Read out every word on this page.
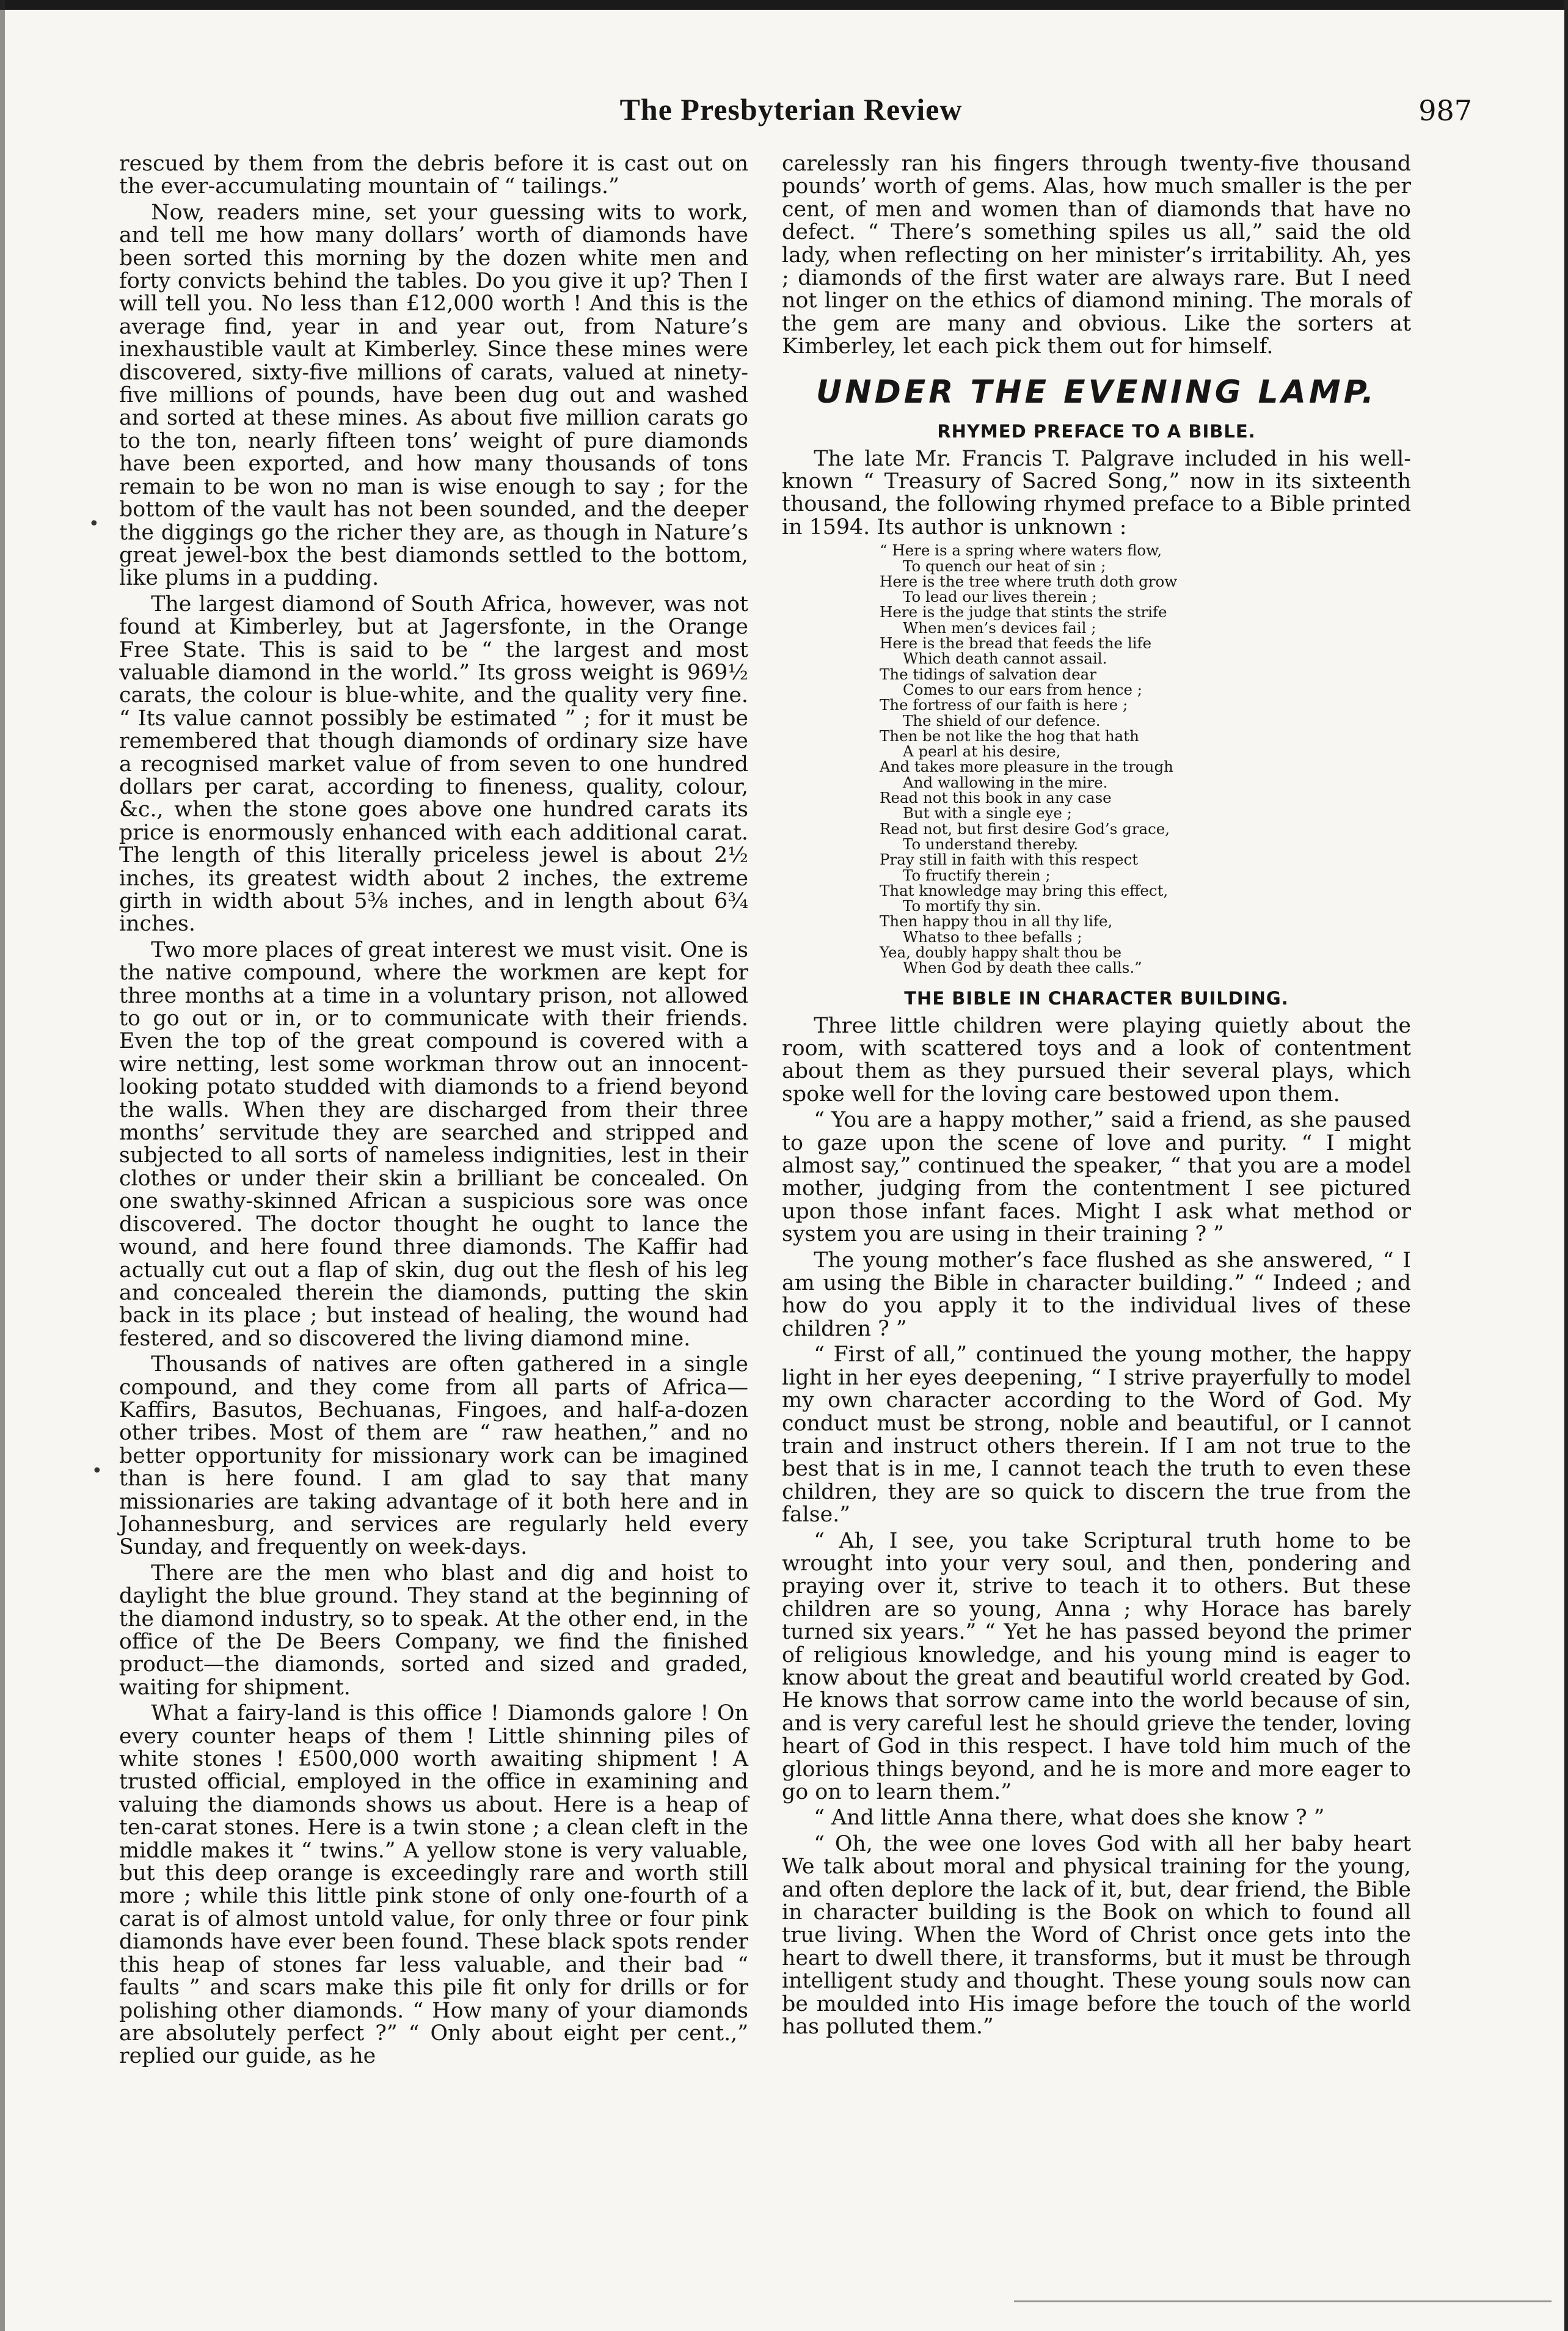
The Presbyterian Review	987
•
•

rescued by them from the debris before it is cast out on the ever-accumulating mountain of “ tailings.”

Now, readers mine, set your guessing wits to work, and tell me how many dollars’ worth of diamonds have been sorted this morning by the dozen white men and forty convicts behind the tables. Do you give it up? Then I will tell you. No less than £12,000 worth ! And this is the average find, year in and year out, from Nature’s inexhaustible vault at Kimberley. Since these mines were discovered, sixty-five millions of carats, valued at ninety-five millions of pounds, have been dug out and washed and sorted at these mines. As about five million carats go to the ton, nearly fifteen tons’ weight of pure diamonds have been exported, and how many thousands of tons remain to be won no man is wise enough to say ; for the bottom of the vault has not been sounded, and the deeper the diggings go the richer they are, as though in Nature’s great jewel-box the best diamonds settled to the bottom, like plums in a pudding.

The largest diamond of South Africa, however, was not found at Kimberley, but at Jagersfonte, in the Orange Free State. This is said to be “ the largest and most valuable diamond in the world.” Its gross weight is 969½ carats, the colour is blue-white, and the quality very fine. “ Its value cannot possibly be estimated ” ; for it must be remembered that though diamonds of ordinary size have a recognised market value of from seven to one hundred dollars per carat, according to fineness, quality, colour, &c., when the stone goes above one hundred carats its price is enormously enhanced with each additional carat. The length of this literally priceless jewel is about 2½ inches, its greatest width about 2 inches, the extreme girth in width about 5⅜ inches, and in length about 6¾ inches.

Two more places of great interest we must visit. One is the native compound, where the workmen are kept for three months at a time in a voluntary prison, not allowed to go out or in, or to communicate with their friends. Even the top of the great compound is covered with a wire netting, lest some workman throw out an innocent-looking potato studded with diamonds to a friend beyond the walls. When they are discharged from their three months’ servitude they are searched and stripped and subjected to all sorts of nameless indignities, lest in their clothes or under their skin a brilliant be concealed. On one swathy-skinned African a suspicious sore was once discovered. The doctor thought he ought to lance the wound, and here found three diamonds. The Kaffir had actually cut out a flap of skin, dug out the flesh of his leg and concealed therein the diamonds, putting the skin back in its place ; but instead of healing, the wound had festered, and so discovered the living diamond mine.

Thousands of natives are often gathered in a single compound, and they come from all parts of Africa—Kaffirs, Basutos, Bechuanas, Fingoes, and half-a-dozen other tribes. Most of them are “ raw heathen,” and no better opportunity for missionary work can be imagined than is here found. I am glad to say that many missionaries are taking advantage of it both here and in Johannesburg, and services are regularly held every Sunday, and frequently on week-days.

There are the men who blast and dig and hoist to daylight the blue ground. They stand at the beginning of the diamond industry, so to speak. At the other end, in the office of the De Beers Company, we find the finished product—the diamonds, sorted and sized and graded, waiting for shipment.

What a fairy-land is this office ! Diamonds galore ! On every counter heaps of them ! Little shinning piles of white stones ! £500,000 worth awaiting shipment ! A trusted official, employed in the office in examining and valuing the diamonds shows us about. Here is a heap of ten-carat stones. Here is a twin stone ; a clean cleft in the middle makes it “ twins.” A yellow stone is very valuable, but this deep orange is exceedingly rare and worth still more ; while this little pink stone of only one-fourth of a carat is of almost untold value, for only three or four pink diamonds have ever been found. These black spots render this heap of stones far less valuable, and their bad “ faults ” and scars make this pile fit only for drills or for polishing other diamonds. “ How many of your diamonds are absolutely perfect ?” “ Only about eight per cent.,” replied our guide, as he

carelessly ran his fingers through twenty-five thousand pounds’ worth of gems. Alas, how much smaller is the per cent, of men and women than of diamonds that have no defect. “ There’s something spiles us all,” said the old lady, when reflecting on her minister’s irritability. Ah, yes ; diamonds of the first water are always rare. But I need not linger on the ethics of diamond mining. The morals of the gem are many and obvious. Like the sorters at Kimberley, let each pick them out for himself.

UNDER THE EVENING LAMP.
RHYMED PREFACE TO A BIBLE.

The late Mr. Francis T. Palgrave included in his well-known “ Treasury of Sacred Song,” now in its sixteenth thousand, the following rhymed preface to a Bible printed in 1594. Its author is unknown :

“ Here is a spring where waters flow,
To quench our heat of sin ;
Here is the tree where truth doth grow
To lead our lives therein ;
Here is the judge that stints the strife
When men’s devices fail ;
Here is the bread that feeds the life
Which death cannot assail.
The tidings of salvation dear
Comes to our ears from hence ;
The fortress of our faith is here ;
The shield of our defence.
Then be not like the hog that hath
A pearl at his desire,
And takes more pleasure in the trough
And wallowing in the mire.
Read not this book in any case
But with a single eye ;
Read not, but first desire God’s grace,
To understand thereby.
Pray still in faith with this respect
To fructify therein ;
That knowledge may bring this effect,
To mortify thy sin.
Then happy thou in all thy life,
Whatso to thee befalls ;
Yea, doubly happy shalt thou be
When God by death thee calls.”
THE BIBLE IN CHARACTER BUILDING.

Three little children were playing quietly about the room, with scattered toys and a look of contentment about them as they pursued their several plays, which spoke well for the loving care bestowed upon them.

“ You are a happy mother,” said a friend, as she paused to gaze upon the scene of love and purity. “ I might almost say,” continued the speaker, “ that you are a model mother, judging from the contentment I see pictured upon those infant faces. Might I ask what method or system you are using in their training ? ”

The young mother’s face flushed as she answered, “ I am using the Bible in character building.” “ Indeed ; and how do you apply it to the individual lives of these children ? ”

“ First of all,” continued the young mother, the happy light in her eyes deepening, “ I strive prayerfully to model my own character according to the Word of God. My conduct must be strong, noble and beautiful, or I cannot train and instruct others therein. If I am not true to the best that is in me, I cannot teach the truth to even these children, they are so quick to discern the true from the false.”

“ Ah, I see, you take Scriptural truth home to be wrought into your very soul, and then, pondering and praying over it, strive to teach it to others. But these children are so young, Anna ; why Horace has barely turned six years.” “ Yet he has passed beyond the primer of religious knowledge, and his young mind is eager to know about the great and beautiful world created by God. He knows that sorrow came into the world because of sin, and is very careful lest he should grieve the tender, loving heart of God in this respect. I have told him much of the glorious things beyond, and he is more and more eager to go on to learn them.”

“ And little Anna there, what does she know ? ”

“ Oh, the wee one loves God with all her baby heart We talk about moral and physical training for the young, and often deplore the lack of it, but, dear friend, the Bible in character building is the Book on which to found all true living. When the Word of Christ once gets into the heart to dwell there, it transforms, but it must be through intelligent study and thought. These young souls now can be moulded into His image before the touch of the world has polluted them.”
